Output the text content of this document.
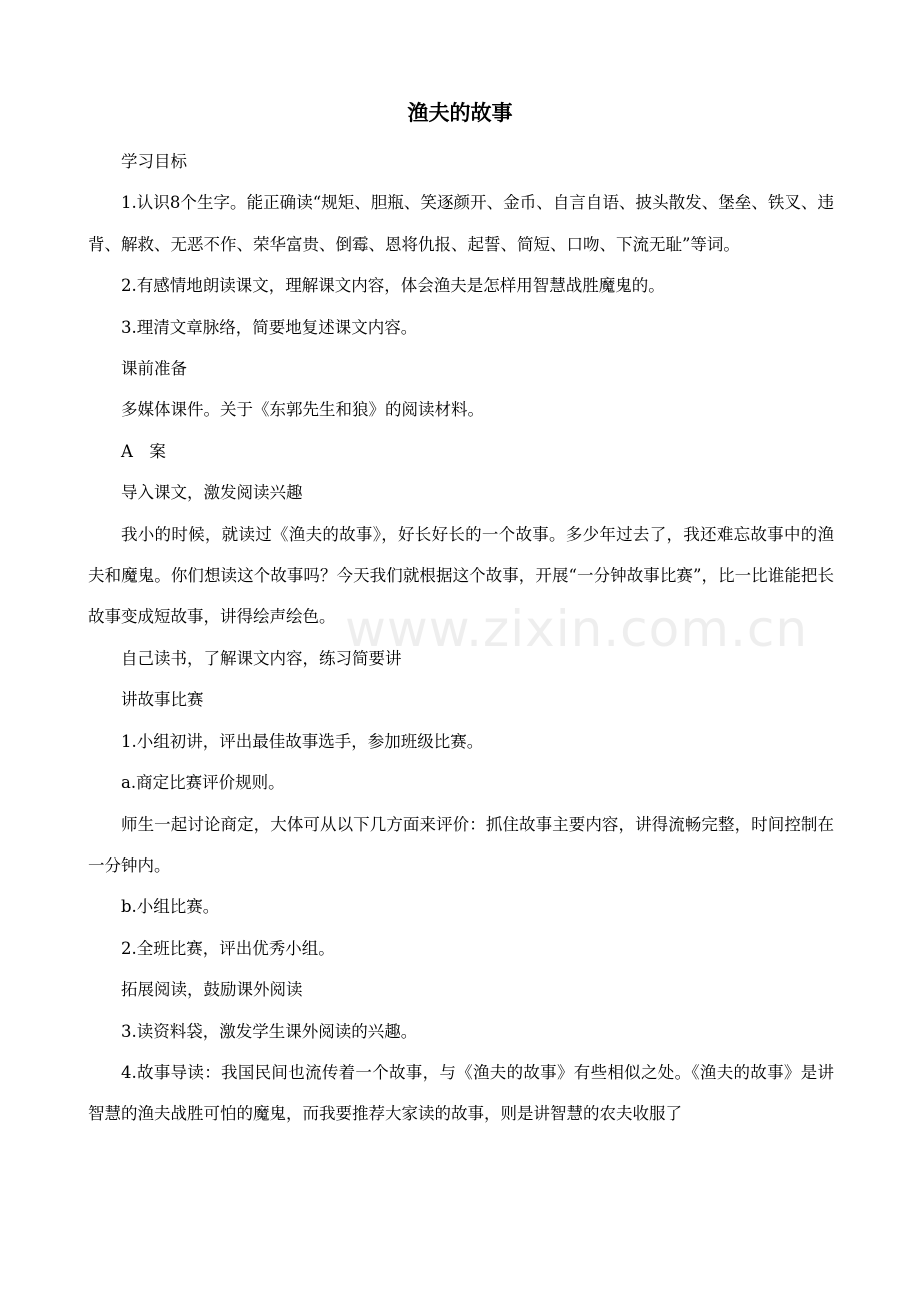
渔夫的故事

学习目标

1.认识8个生字。能正确读“规矩、胆瓶、笑逐颜开、金币、自言自语、披头散发、堡垒、铁叉、违背、解救、无恶不作、荣华富贵、倒霉、恩将仇报、起誓、简短、口吻、下流无耻”等词。

2.有感情地朗读课文，理解课文内容，体会渔夫是怎样用智慧战胜魔鬼的。

3.理清文章脉络，简要地复述课文内容。

课前准备

多媒体课件。关于《东郭先生和狼》的阅读材料。

A　案

导入课文，激发阅读兴趣

我小的时候，就读过《渔夫的故事》，好长好长的一个故事。多少年过去了，我还难忘故事中的渔夫和魔鬼。你们想读这个故事吗？今天我们就根据这个故事，开展“一分钟故事比赛”，比一比谁能把长故事变成短故事，讲得绘声绘色。

自己读书，了解课文内容，练习简要讲

讲故事比赛

1.小组初讲，评出最佳故事选手，参加班级比赛。

a.商定比赛评价规则。

师生一起讨论商定，大体可从以下几方面来评价：抓住故事主要内容，讲得流畅完整，时间控制在一分钟内。

b.小组比赛。

2.全班比赛，评出优秀小组。

拓展阅读，鼓励课外阅读

3.读资料袋，激发学生课外阅读的兴趣。

4.故事导读：我国民间也流传着一个故事，与《渔夫的故事》有些相似之处。《渔夫的故事》是讲智慧的渔夫战胜可怕的魔鬼，而我要推荐大家读的故事，则是讲智慧的农夫收服了

www.zixin.com.cn
